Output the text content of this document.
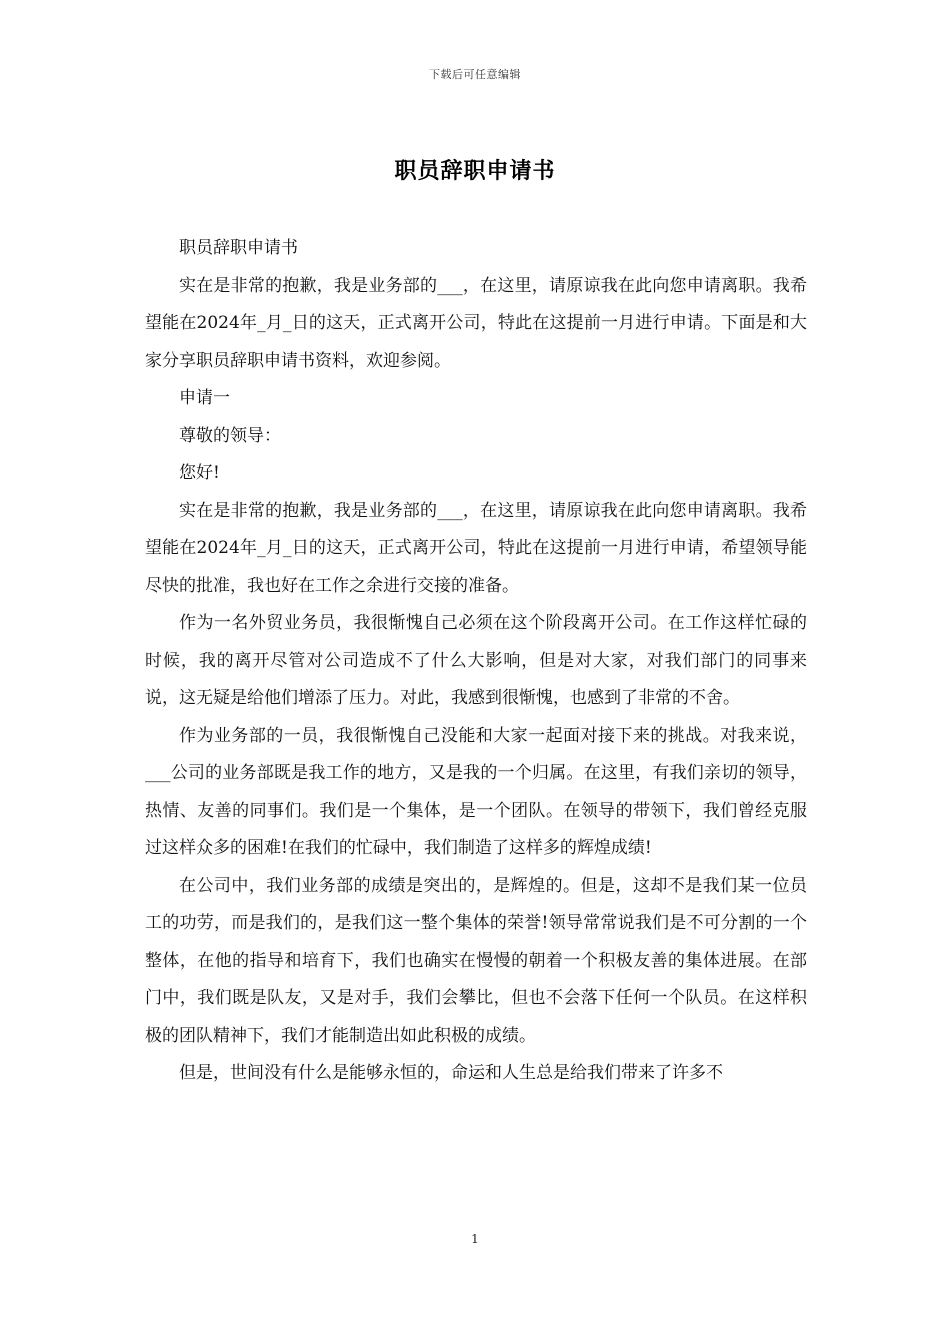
下载后可任意编辑
职员辞职申请书

职员辞职申请书

实在是非常的抱歉，我是业务部的___，在这里，请原谅我在此向您申请离职。我希望能在2024年_月_日的这天，正式离开公司，特此在这提前一月进行申请。下面是和大家分享职员辞职申请书资料，欢迎参阅。

申请一

尊敬的领导：

您好!

实在是非常的抱歉，我是业务部的___，在这里，请原谅我在此向您申请离职。我希望能在2024年_月_日的这天，正式离开公司，特此在这提前一月进行申请，希望领导能尽快的批准，我也好在工作之余进行交接的准备。

作为一名外贸业务员，我很惭愧自己必须在这个阶段离开公司。在工作这样忙碌的时候，我的离开尽管对公司造成不了什么大影响，但是对大家，对我们部门的同事来说，这无疑是给他们增添了压力。对此，我感到很惭愧，也感到了非常的不舍。

作为业务部的一员，我很惭愧自己没能和大家一起面对接下来的挑战。对我来说，___公司的业务部既是我工作的地方，又是我的一个归属。在这里，有我们亲切的领导，热情、友善的同事们。我们是一个集体，是一个团队。在领导的带领下，我们曾经克服过这样众多的困难!在我们的忙碌中，我们制造了这样多的辉煌成绩!

在公司中，我们业务部的成绩是突出的，是辉煌的。但是，这却不是我们某一位员工的功劳，而是我们的，是我们这一整个集体的荣誉!领导常常说我们是不可分割的一个整体，在他的指导和培育下，我们也确实在慢慢的朝着一个积极友善的集体进展。在部门中，我们既是队友，又是对手，我们会攀比，但也不会落下任何一个队员。在这样积极的团队精神下，我们才能制造出如此积极的成绩。

但是，世间没有什么是能够永恒的，命运和人生总是给我们带来了许多不

1
